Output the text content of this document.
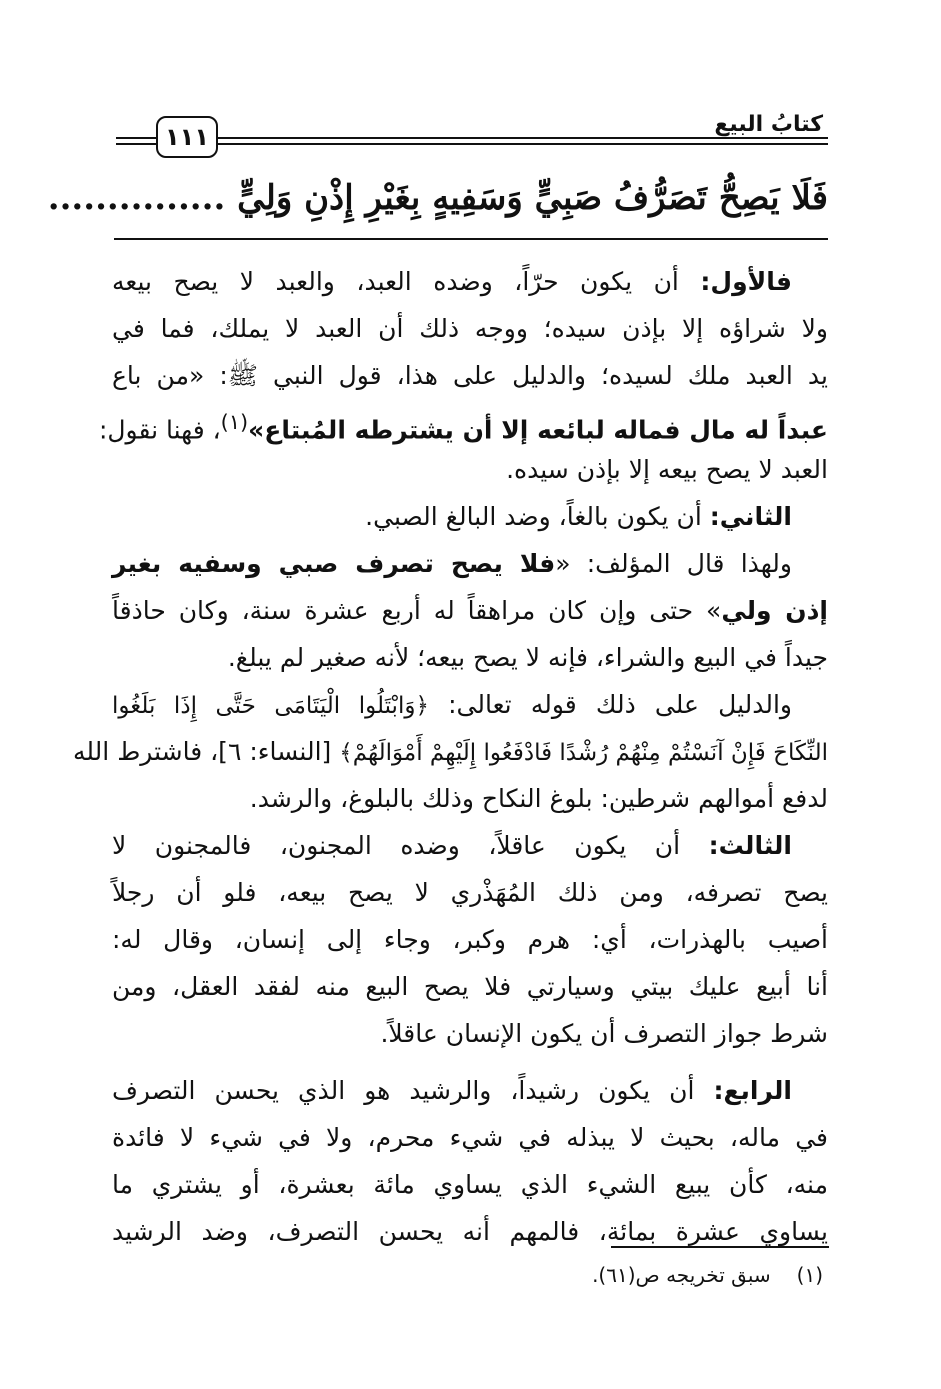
١١١	كتابُ البيع
فَلَا يَصِحُّ تَصَرُّفُ صَبِيٍّ وَسَفِيهٍ بِغَيْرِ إِذْنِ وَلِيٍّ ...............
فالأول: أن يكون حرّاً، وضده العبد، والعبد لا يصح بيعه
ولا شراؤه إلا بإذن سيده؛ ووجه ذلك أن العبد لا يملك، فما في
يد العبد ملك لسيده؛ والدليل على هذا، قول النبي ﷺ: «من باع
عبداً له مال فماله لبائعه إلا أن يشترطه المُبتاع»$^{(١)}$، فهنا نقول:
العبد لا يصح بيعه إلا بإذن سيده.
الثاني: أن يكون بالغاً، وضد البالغ الصبي.
ولهذا قال المؤلف: «فلا يصح تصرف صبي وسفيه بغير
إذن ولي» حتى وإن كان مراهقاً له أربع عشرة سنة، وكان حاذقاً
جيداً في البيع والشراء، فإنه لا يصح بيعه؛ لأنه صغير لم يبلغ.
والدليل على ذلك قوله تعالى: ﴿وَابْتَلُوا الْيَتَامَى حَتَّى إِذَا بَلَغُوا
النِّكَاحَ فَإِنْ آنَسْتُمْ مِنْهُمْ رُشْدًا فَادْفَعُوا إِلَيْهِمْ أَمْوَالَهُمْ﴾ [النساء: ٦]، فاشترط الله
لدفع أموالهم شرطين: بلوغ النكاح وذلك بالبلوغ، والرشد.
الثالث: أن يكون عاقلاً، وضده المجنون، فالمجنون لا
يصح تصرفه، ومن ذلك المُهَذْري لا يصح بيعه، فلو أن رجلاً
أصيب بالهذرات، أي: هرم وكبر، وجاء إلى إنسان، وقال له:
أنا أبيع عليك بيتي وسيارتي فلا يصح البيع منه لفقد العقل، ومن
شرط جواز التصرف أن يكون الإنسان عاقلاً.
الرابع: أن يكون رشيداً، والرشيد هو الذي يحسن التصرف
في ماله، بحيث لا يبذله في شيء محرم، ولا في شيء لا فائدة
منه، كأن يبيع الشيء الذي يساوي مائة بعشرة، أو يشتري ما
يساوي عشرة بمائة، فالمهم أنه يحسن التصرف، وضد الرشيد
(١)سبق تخريجه ص(٦١).
